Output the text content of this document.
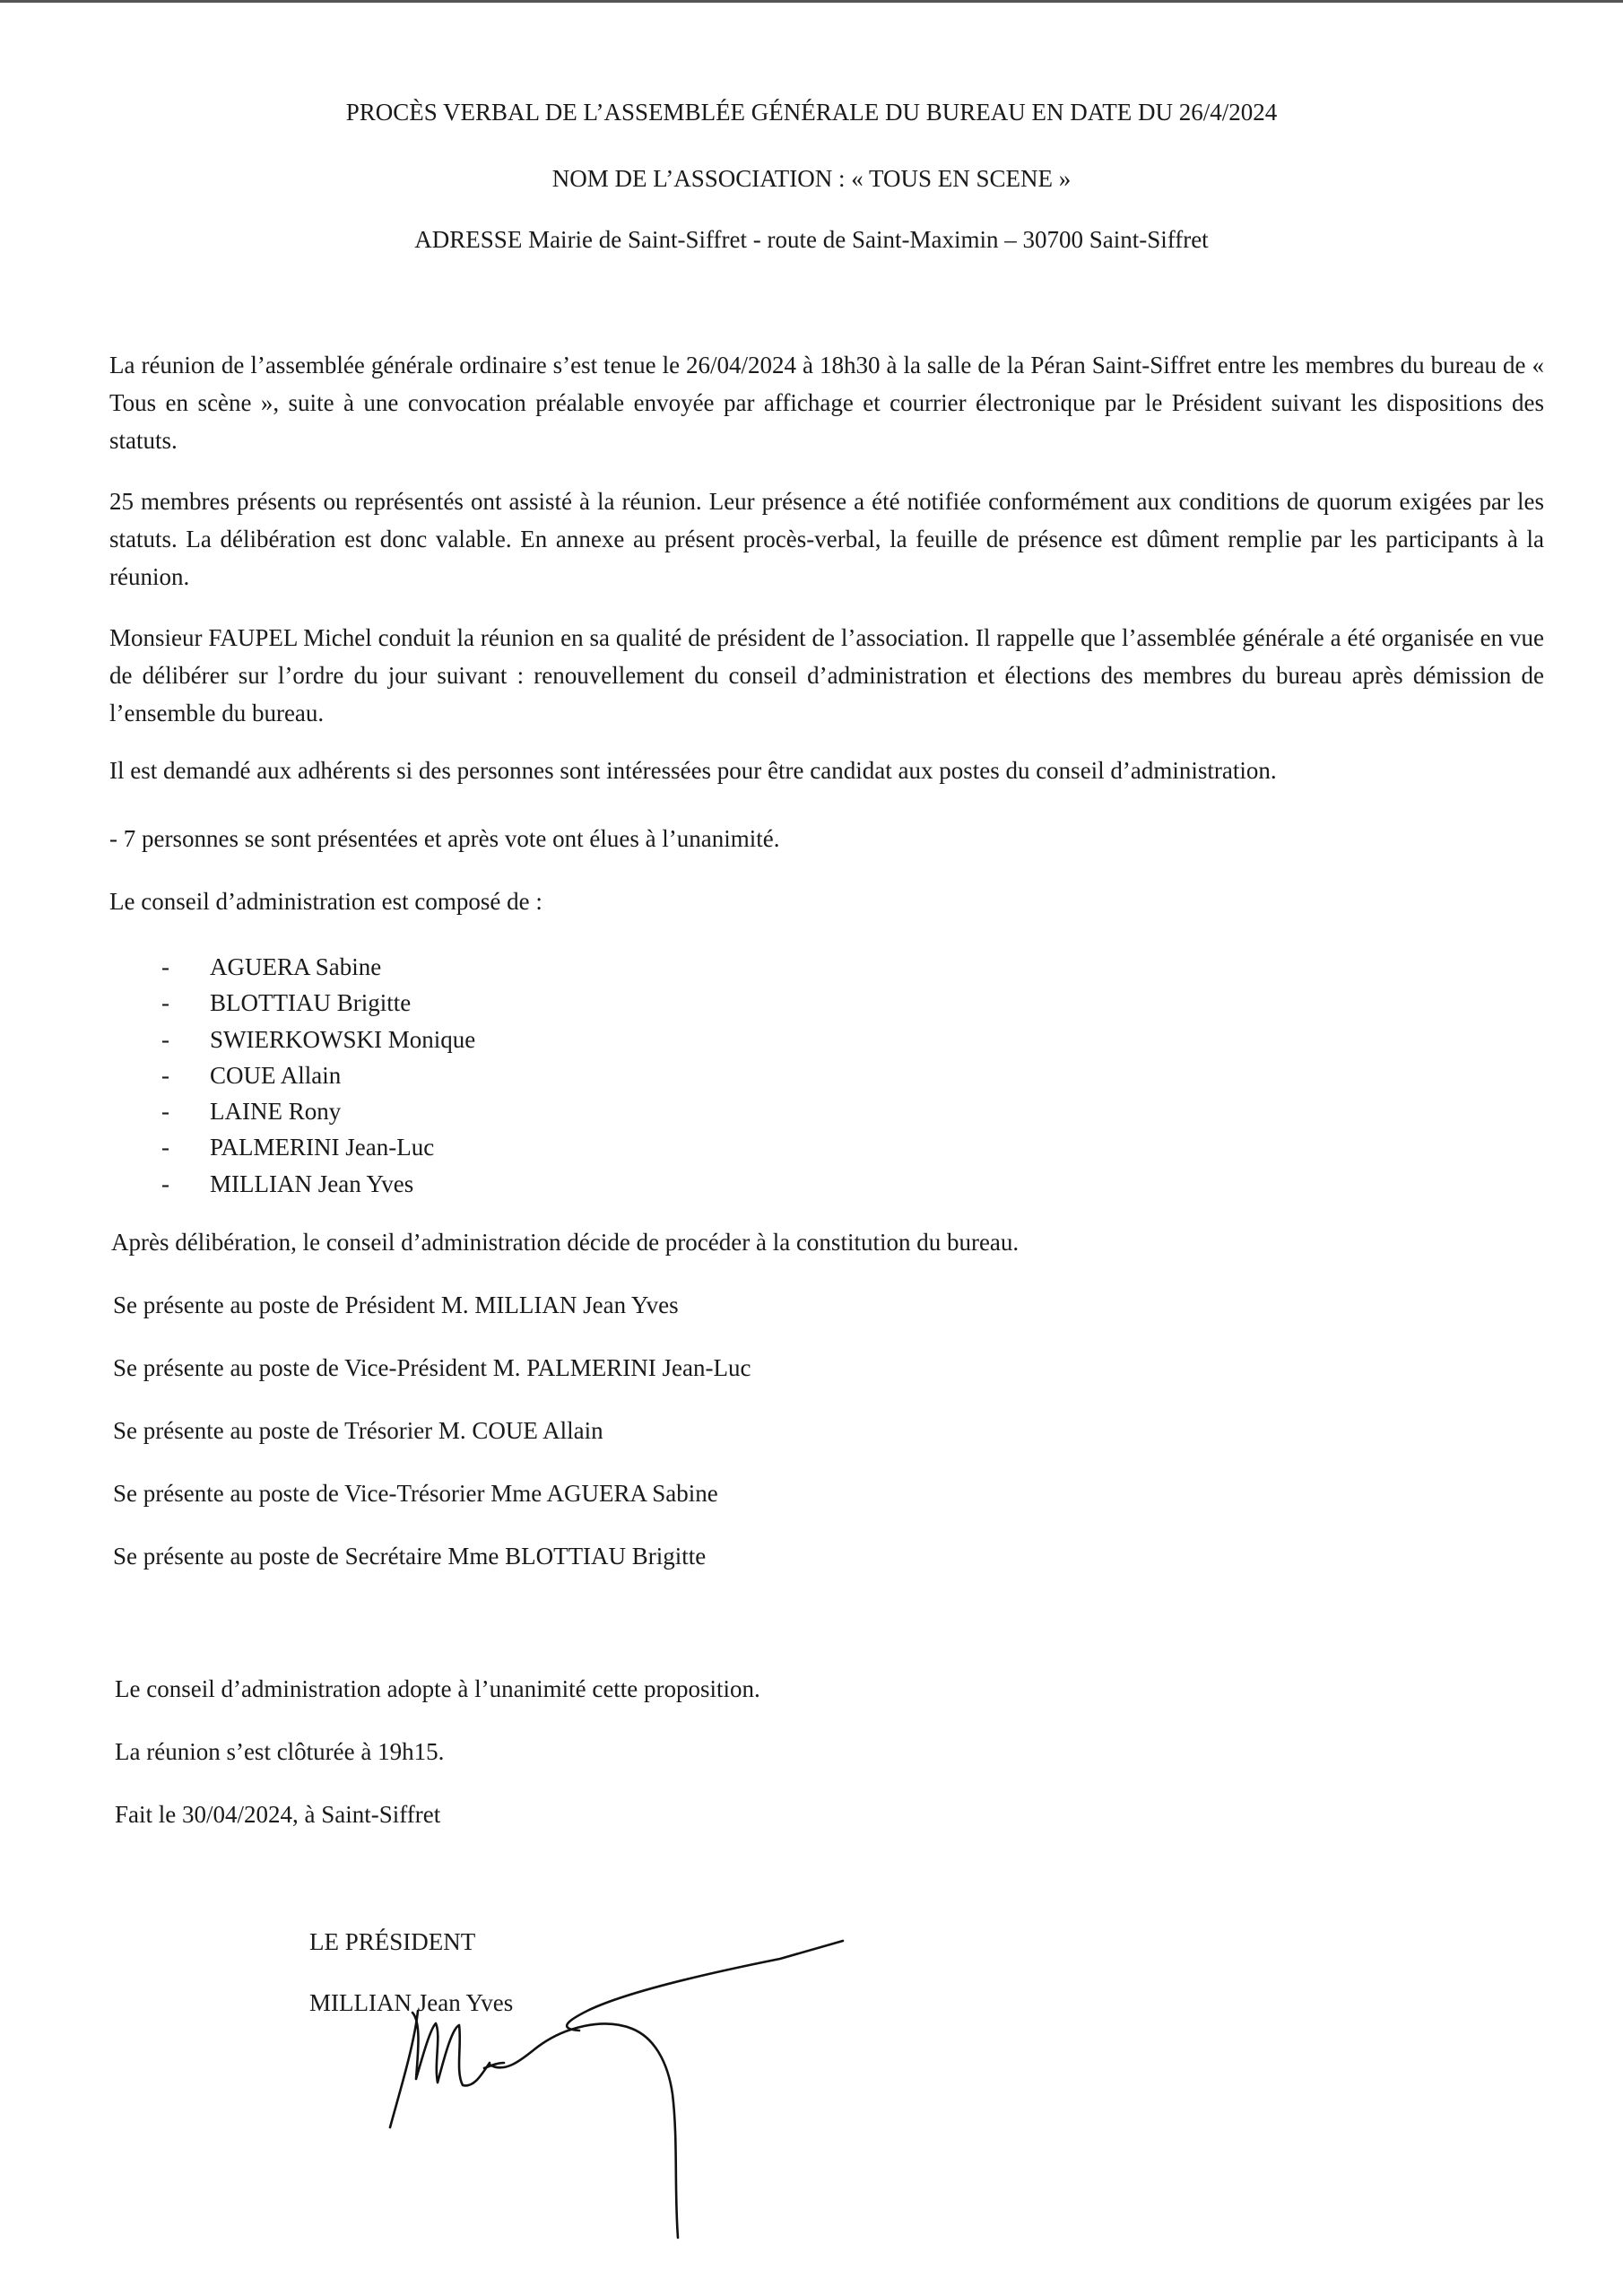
PROCÈS VERBAL DE L’ASSEMBLÉE GÉNÉRALE DU BUREAU EN DATE DU 26/4/2024
NOM DE L’ASSOCIATION : « TOUS EN SCENE »
ADRESSE Mairie de Saint-Siffret - route de Saint-Maximin – 30700 Saint-Siffret
La réunion de l’assemblée générale ordinaire s’est tenue le 26/04/2024 à 18h30 à la salle de la Péran Saint-Siffret entre les membres du bureau de « Tous en scène », suite à une convocation préalable envoyée par affichage et courrier électronique par le Président suivant les dispositions des statuts.
25 membres présents ou représentés ont assisté à la réunion. Leur présence a été notifiée conformément aux conditions de quorum exigées par les statuts. La délibération est donc valable. En annexe au présent procès-verbal, la feuille de présence est dûment remplie par les participants à la réunion.
Monsieur FAUPEL Michel conduit la réunion en sa qualité de président de l’association. Il rappelle que l’assemblée générale a été organisée en vue de délibérer sur l’ordre du jour suivant : renouvellement du conseil d’administration et élections des membres du bureau après démission de l’ensemble du bureau.
Il est demandé aux adhérents si des personnes sont intéressées pour être candidat aux postes du conseil d’administration.
- 7 personnes se sont présentées et après vote ont élues à l’unanimité.
Le conseil d’administration est composé de :
- AGUERA Sabine
- BLOTTIAU Brigitte
- SWIERKOWSKI Monique
- COUE Allain
- LAINE Rony
- PALMERINI Jean-Luc
- MILLIAN Jean Yves
Après délibération, le conseil d’administration décide de procéder à la constitution du bureau.
Se présente au poste de Président M. MILLIAN Jean Yves
Se présente au poste de Vice-Président M. PALMERINI Jean-Luc
Se présente au poste de Trésorier M. COUE Allain
Se présente au poste de Vice-Trésorier Mme AGUERA Sabine
Se présente au poste de Secrétaire Mme BLOTTIAU Brigitte
Le conseil d’administration adopte à l’unanimité cette proposition.
La réunion s’est clôturée à 19h15.
Fait le 30/04/2024, à Saint-Siffret
LE PRÉSIDENT
MILLIAN Jean Yves
